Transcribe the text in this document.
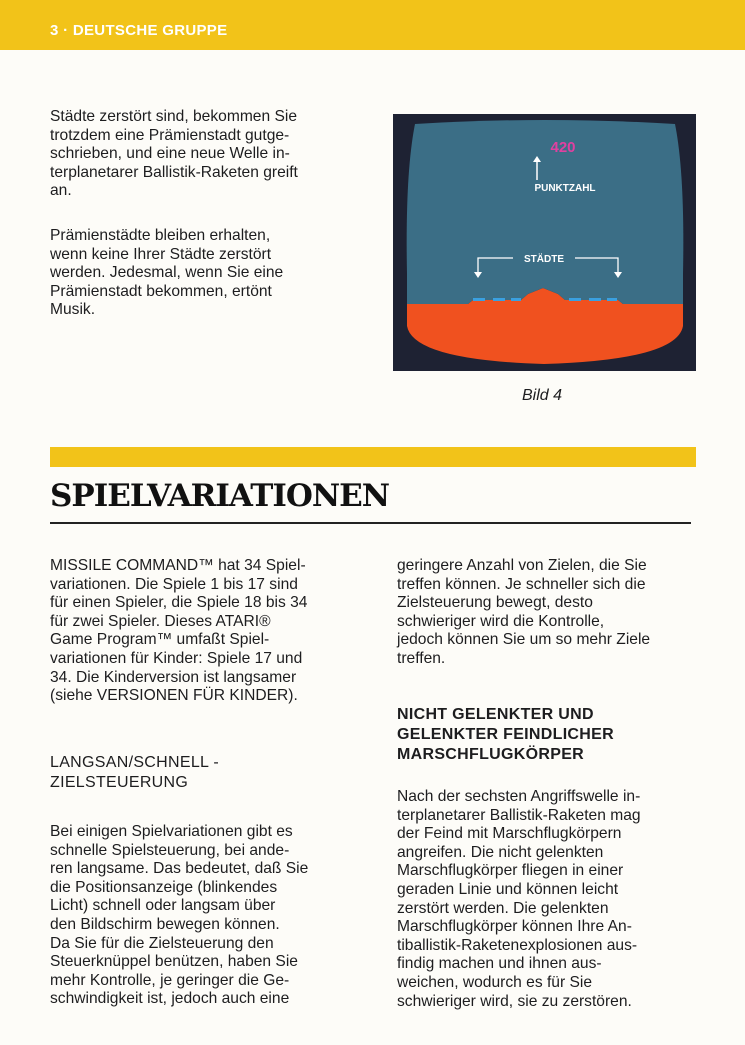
3 · DEUTSCHE GRUPPE

Städte zerstört sind, bekommen Sie
trotzdem eine Prämienstadt gutge-
schrieben, und eine neue Welle in-
terplanetarer Ballistik-Raketen greift
an.

Prämienstädte bleiben erhalten,
wenn keine Ihrer Städte zerstört
werden. Jedesmal, wenn Sie eine
Prämienstadt bekommen, ertönt
Musik.

420
PUNKTZAHL
STÄDTE
Bild 4
SPIELVARIATIONEN

MISSILE COMMAND™ hat 34 Spiel-
variationen. Die Spiele 1 bis 17 sind
für einen Spieler, die Spiele 18 bis 34
für zwei Spieler. Dieses ATARI®
Game Program™ umfaßt Spiel-
variationen für Kinder: Spiele 17 und
34. Die Kinderversion ist langsamer
(siehe VERSIONEN FÜR KINDER).

LANGSAN/SCHNELL -
ZIELSTEUERUNG

Bei einigen Spielvariationen gibt es
schnelle Spielsteuerung, bei ande-
ren langsame. Das bedeutet, daß Sie
die Positionsanzeige (blinkendes
Licht) schnell oder langsam über
den Bildschirm bewegen können.
Da Sie für die Zielsteuerung den
Steuerknüppel benützen, haben Sie
mehr Kontrolle, je geringer die Ge-
schwindigkeit ist, jedoch auch eine

geringere Anzahl von Zielen, die Sie
treffen können. Je schneller sich die
Zielsteuerung bewegt, desto
schwieriger wird die Kontrolle,
jedoch können Sie um so mehr Ziele
treffen.

NICHT GELENKTER UND
GELENKTER FEINDLICHER
MARSCHFLUGKÖRPER

Nach der sechsten Angriffswelle in-
terplanetarer Ballistik-Raketen mag
der Feind mit Marschflugkörpern
angreifen. Die nicht gelenkten
Marschflugkörper fliegen in einer
geraden Linie und können leicht
zerstört werden. Die gelenkten
Marschflugkörper können Ihre An-
tiballistik-Raketenexplosionen aus-
findig machen und ihnen aus-
weichen, wodurch es für Sie
schwieriger wird, sie zu zerstören.
